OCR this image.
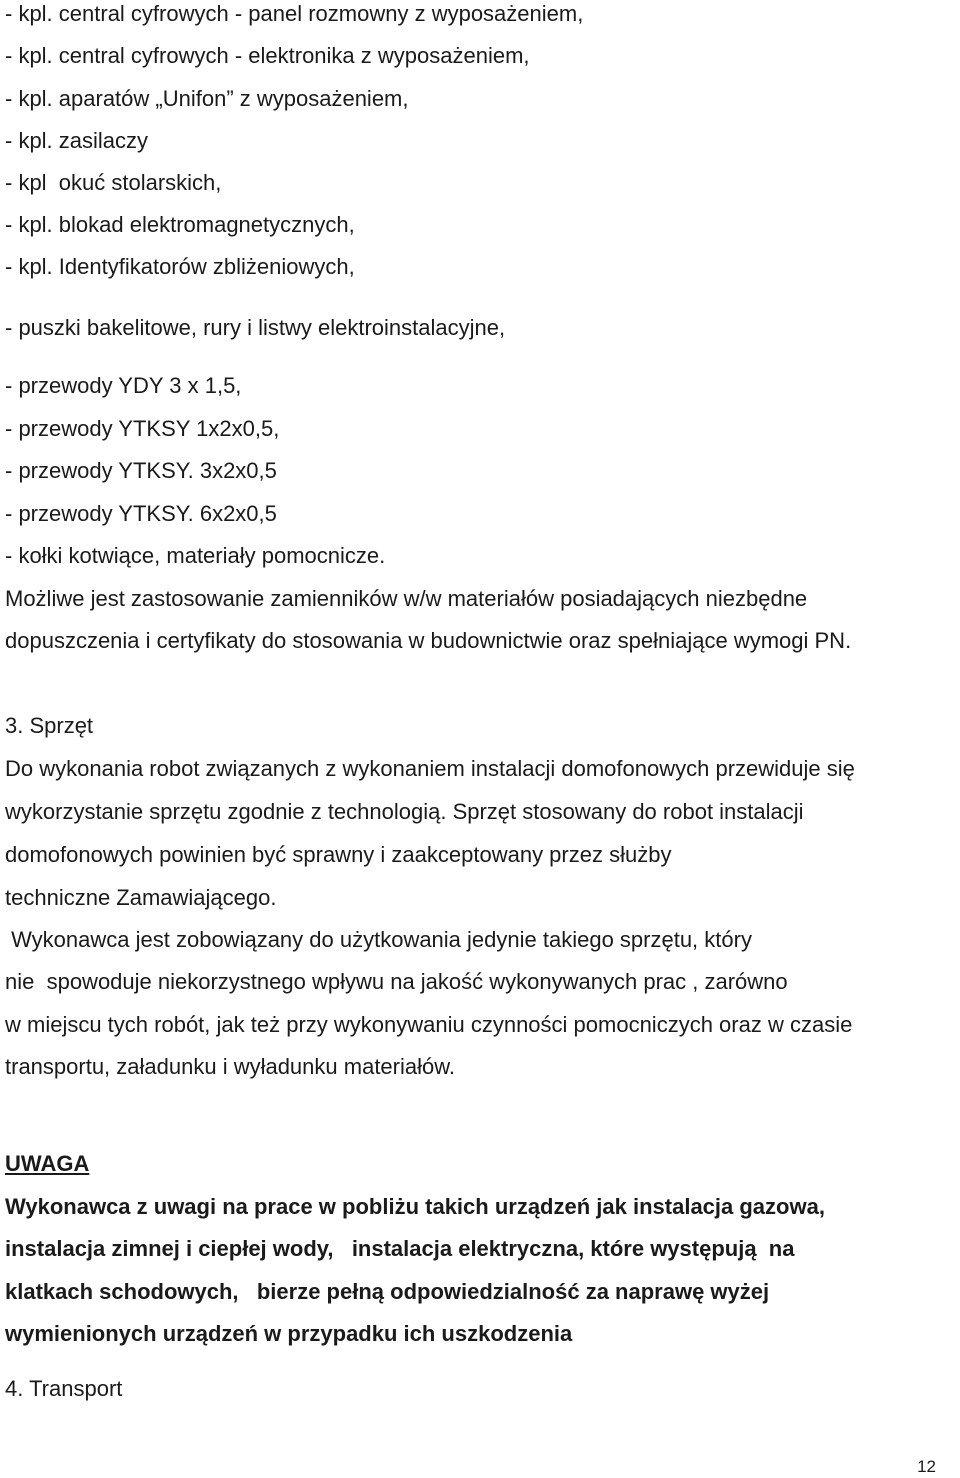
- kpl. central cyfrowych - panel rozmowny z wyposażeniem,
- kpl. central cyfrowych - elektronika z wyposażeniem,
- kpl. aparatów „Unifon” z wyposażeniem,
- kpl. zasilaczy
- kpl  okuć stolarskich,
- kpl. blokad elektromagnetycznych,
- kpl. Identyfikatorów zbliżeniowych,
- puszki bakelitowe, rury i listwy elektroinstalacyjne,
- przewody YDY 3 x 1,5,
- przewody YTKSY 1x2x0,5,
- przewody YTKSY. 3x2x0,5
- przewody YTKSY. 6x2x0,5
- kołki kotwiące, materiały pomocnicze.
Możliwe jest zastosowanie zamienników w/w materiałów posiadających niezbędne
dopuszczenia i certyfikaty do stosowania w budownictwie oraz spełniające wymogi PN.
3. Sprzęt
Do wykonania robot związanych z wykonaniem instalacji domofonowych przewiduje się
wykorzystanie sprzętu zgodnie z technologią. Sprzęt stosowany do robot instalacji
domofonowych powinien być sprawny i zaakceptowany przez służby
techniczne Zamawiającego.
Wykonawca jest zobowiązany do użytkowania jedynie takiego sprzętu, który
nie  spowoduje niekorzystnego wpływu na jakość wykonywanych prac , zarówno
w miejscu tych robót, jak też przy wykonywaniu czynności pomocniczych oraz w czasie
transportu, załadunku i wyładunku materiałów.
UWAGA
Wykonawca z uwagi na prace w pobliżu takich urządzeń jak instalacja gazowa,
instalacja zimnej i ciepłej wody,   instalacja elektryczna, które występują  na
klatkach schodowych,   bierze pełną odpowiedzialność za naprawę wyżej
wymienionych urządzeń w przypadku ich uszkodzenia
4. Transport
12
